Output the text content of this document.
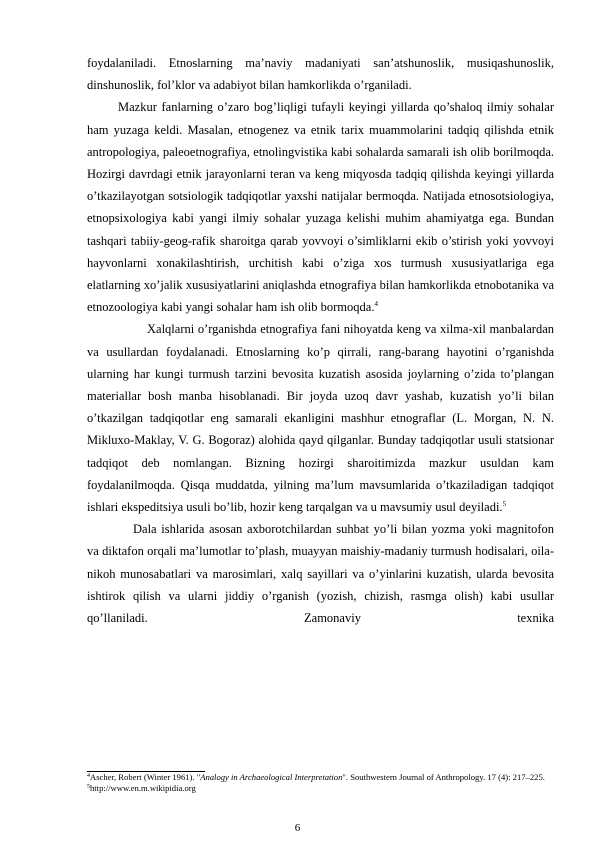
foydalaniladi. Etnoslarning ma’naviy madaniyati san’atshunoslik, musiqashunoslik, dinshunoslik, fol’klor va adabiyot bilan hamkorlikda o’rganiladi.

Mazkur fanlarning o’zaro bog’liqligi tufayli keyingi yillarda qo’shaloq ilmiy sohalar ham yuzaga keldi. Masalan, etnogenez va etnik tarix muammolarini tadqiq qilishda etnik antropologiya, paleoetnografiya, etnolingvistika kabi sohalarda samarali ish olib borilmoqda. Hozirgi davrdagi etnik jarayonlarni teran va keng miqyosda tadqiq qilishda keyingi yillarda o’tkazilayotgan sotsiologik tadqiqotlar yaxshi natijalar bermoqda. Natijada etnosotsiologiya, etnopsixologiya kabi yangi ilmiy sohalar yuzaga kelishi muhim ahamiyatga ega. Bundan tashqari tabiiy-geog-rafik sharoitga qarab yovvoyi o’simliklarni ekib o’stirish yoki yovvoyi hayvonlarni xonakilashtirish, urchitish kabi o’ziga xos turmush xususiyatlariga ega elatlarning xo’jalik xususiyatlarini aniqlashda etnografiya bilan hamkorlikda etnobotanika va etnozoologiya kabi yangi sohalar ham ish olib bormoqda.$^4$

Xalqlarni o’rganishda etnografiya fani nihoyatda keng va xilma-xil manbalardan va usullardan foydalanadi. Etnoslarning ko’p qirrali, rang-barang hayotini o’rganishda ularning har kungi turmush tarzini bevosita kuzatish asosida joylarning o’zida to’plangan materiallar bosh manba hisoblanadi. Bir joyda uzoq davr yashab, kuzatish yo’li bilan o’tkazilgan tadqiqotlar eng samarali ekanligini mashhur etnograflar (L. Morgan, N. N. Mikluxo-Maklay, V. G. Bogoraz) alohida qayd qilganlar. Bunday tadqiqotlar usuli statsionar tadqiqot deb nomlangan. Bizning hozirgi sharoitimizda mazkur usuldan kam foydalanilmoqda. Qisqa muddatda, yilning ma’lum mavsumlarida o’tkaziladigan tadqiqot ishlari ekspeditsiya usuli bo’lib, hozir keng tarqalgan va u mavsumiy usul deyiladi.$^5$

Dala ishlarida asosan axborotchilardan suhbat yo’li bilan yozma yoki magnitofon va diktafon orqali ma’lumotlar to’plash, muayyan maishiy-madaniy turmush hodisalari, oila-nikoh munosabatlari va marosimlari, xalq sayillari va o’yinlarini kuzatish, ularda bevosita ishtirok qilish va ularni jiddiy o’rganish (yozish, chizish, rasmga olish) kabi usullar qo’llaniladi. Zamonaviy texnika

$^4$Ascher, Robert (Winter 1961). "Analogy in Archaeological Interpretation". Southwestern Journal of Anthropology. 17 (4): 217–225.
$^5$http://www.en.m.wikipidia.org
6
